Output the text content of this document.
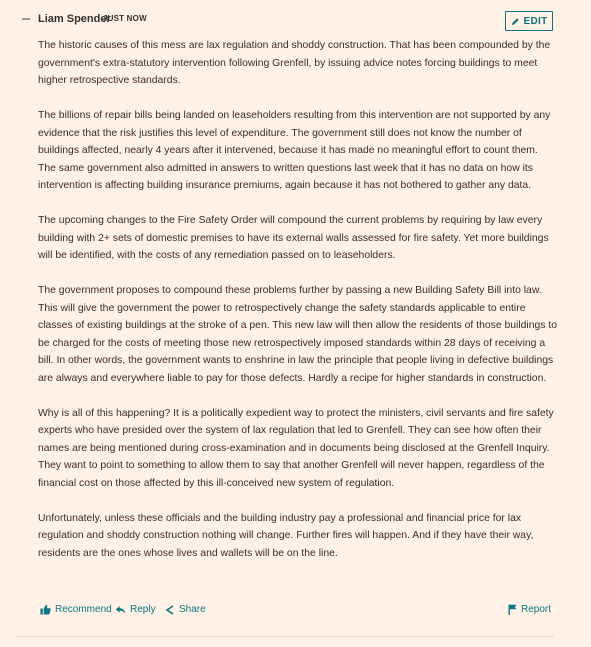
Liam Spender
JUST NOW	EDIT

The historic causes of this mess are lax regulation and shoddy construction. That has been compounded by the government's extra-statutory intervention following Grenfell, by issuing advice notes forcing buildings to meet higher retrospective standards.

The billions of repair bills being landed on leaseholders resulting from this intervention are not supported by any evidence that the risk justifies this level of expenditure. The government still does not know the number of buildings affected, nearly 4 years after it intervened, because it has made no meaningful effort to count them. The same government also admitted in answers to written questions last week that it has no data on how its intervention is affecting building insurance premiums, again because it has not bothered to gather any data.

The upcoming changes to the Fire Safety Order will compound the current problems by requiring by law every building with 2+ sets of domestic premises to have its external walls assessed for fire safety. Yet more buildings will be identified, with the costs of any remediation passed on to leaseholders.

The government proposes to compound these problems further by passing a new Building Safety Bill into law. This will give the government the power to retrospectively change the safety standards applicable to entire classes of existing buildings at the stroke of a pen. This new law will then allow the residents of those buildings to be charged for the costs of meeting those new retrospectively imposed standards within 28 days of receiving a bill. In other words, the government wants to enshrine in law the principle that people living in defective buildings are always and everywhere liable to pay for those defects. Hardly a recipe for higher standards in construction.

Why is all of this happening? It is a politically expedient way to protect the ministers, civil servants and fire safety experts who have presided over the system of lax regulation that led to Grenfell. They can see how often their names are being mentioned during cross-examination and in documents being disclosed at the Grenfell Inquiry. They want to point to something to allow them to say that another Grenfell will never happen, regardless of the financial cost on those affected by this ill-conceived new system of regulation.

Unfortunately, unless these officials and the building industry pay a professional and financial price for lax regulation and shoddy construction nothing will change. Further fires will happen. And if they have their way, residents are the ones whose lives and wallets will be on the line.

Recommend Reply Share	Report
